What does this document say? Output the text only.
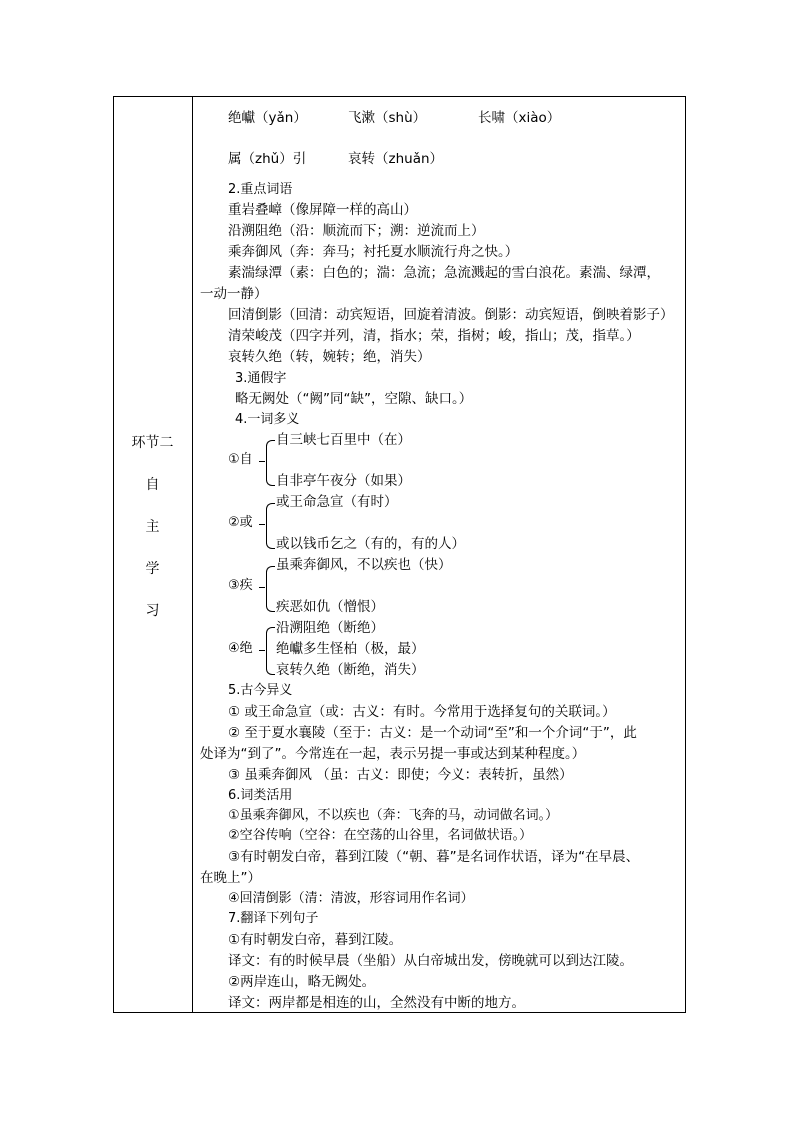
环节二
自
主
学
习
绝巘（yǎn）	飞漱（shù）	长啸（xiào）
属（zhǔ）引	哀转（zhuǎn）
2.重点词语
重岩叠嶂（像屏障一样的高山）
沿溯阻绝（沿：顺流而下；溯：逆流而上）
乘奔御风（奔：奔马；衬托夏水顺流行舟之快。）
素湍绿潭（素：白色的；湍：急流；急流溅起的雪白浪花。素湍、绿潭，
一动一静）
回清倒影（回清：动宾短语，回旋着清波。倒影：动宾短语，倒映着影子）
清荣峻茂（四字并列，清，指水；荣，指树；峻，指山；茂，指草。）
哀转久绝（转，婉转；绝，消失）
3.通假字
略无阙处（“阙”同“缺”，空隙、缺口。）
4.一词多义
①自
自三峡七百里中（在）
自非亭午夜分（如果）
②或
或王命急宣（有时）
或以钱币乞之（有的，有的人）
③疾
虽乘奔御风，不以疾也（快）
疾恶如仇（憎恨）
④绝
沿溯阻绝（断绝）
绝巘多生怪柏（极，最）
哀转久绝（断绝，消失）
5.古今异义
① 或王命急宣（或：古义：有时。今常用于选择复句的关联词。）
② 至于夏水襄陵（至于：古义：是一个动词“至”和一个介词“于”，此
处译为“到了”。今常连在一起，表示另提一事或达到某种程度。）
③ 虽乘奔御风 （虽：古义：即使；今义：表转折，虽然）
6.词类活用
①虽乘奔御风，不以疾也（奔：飞奔的马，动词做名词。）
②空谷传响（空谷：在空荡的山谷里，名词做状语。）
③有时朝发白帝，暮到江陵（“朝、暮”是名词作状语，译为“在早晨、
在晚上”）
④回清倒影（清：清波，形容词用作名词）
7.翻译下列句子
①有时朝发白帝，暮到江陵。
译文：有的时候早晨（坐船）从白帝城出发，傍晚就可以到达江陵。
②两岸连山，略无阙处。
译文：两岸都是相连的山，全然没有中断的地方。
